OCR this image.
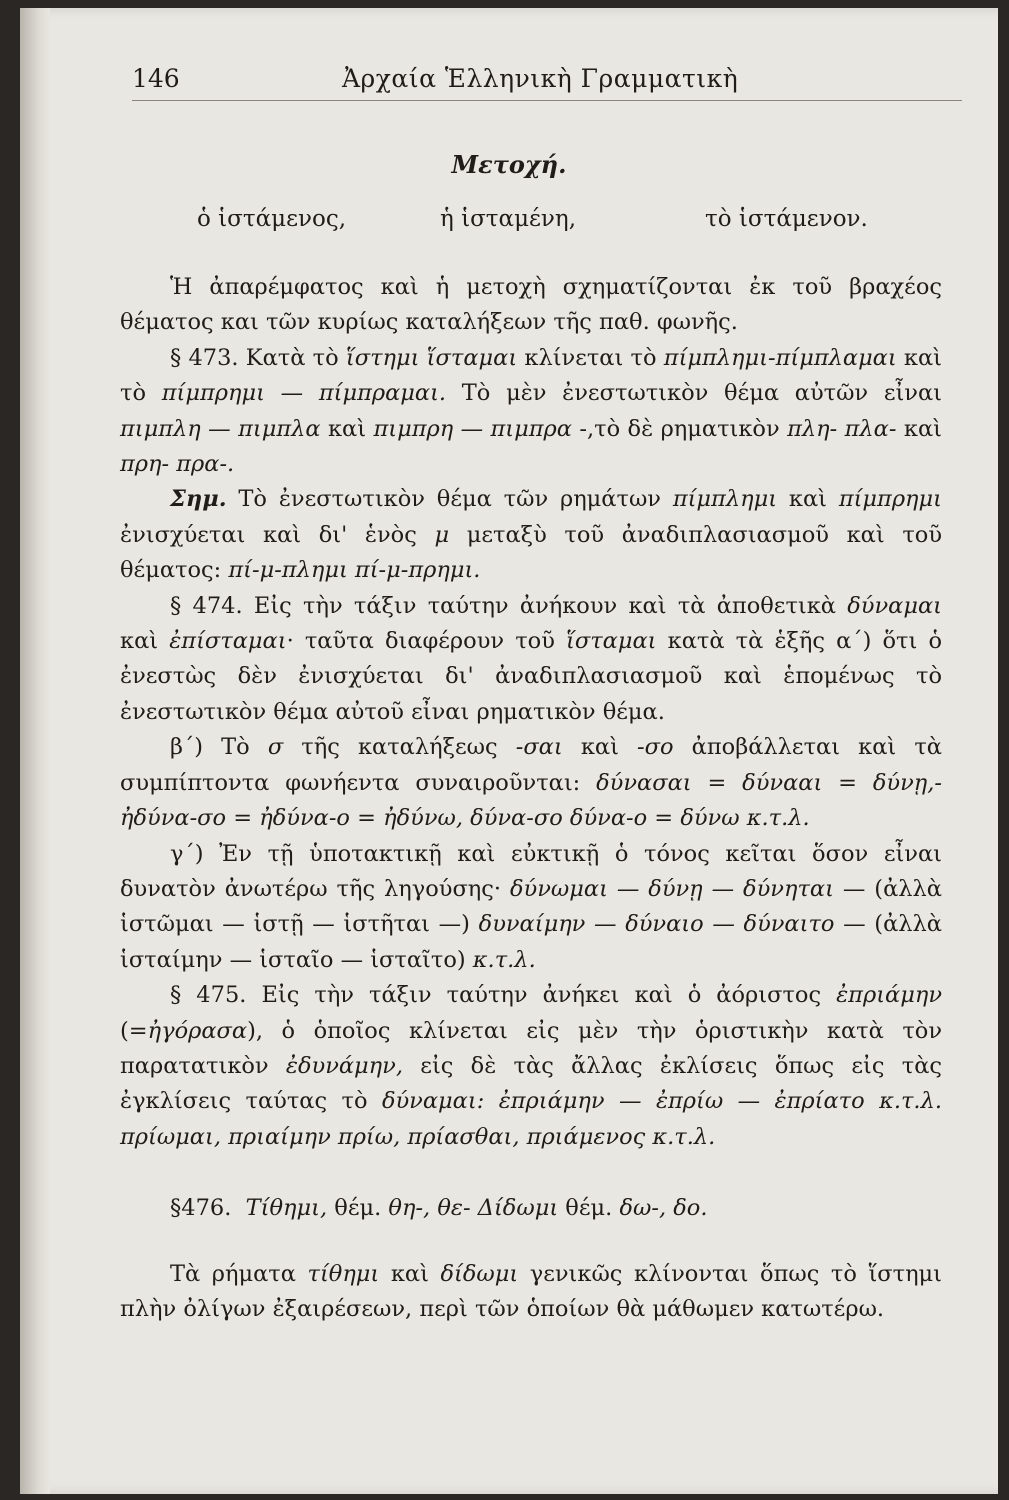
146	Ἀρχαία Ἑλληνικὴ Γραμματικὴ
Μετοχή.
ὁ ἱστάμενος,	ἡ ἱσταμένη,	τὸ ἱστάμενον.

Ἡ ἀπαρέμφατος καὶ ἡ μετοχὴ σχηματίζονται ἐκ τοῦ βραχέος θέματος και τῶν κυρίως καταλήξεων τῆς παθ. φωνῆς.

§ 473. Κατὰ τὸ ἵστημι ἵσταμαι κλίνεται τὸ πίμπλημι-πίμπλαμαι καὶ τὸ πίμπρημι — πίμπραμαι. Τὸ μὲν ἐνεστωτικὸν θέμα αὐτῶν εἶναι πιμπλη — πιμπλα καὶ πιμπρη — πιμπρα -,τὸ δὲ ρηματικὸν πλη- πλα- καὶ πρη- πρα-.

Σημ. Τὸ ἐνεστωτικὸν θέμα τῶν ρημάτων πίμπλημι καὶ πίμπρημι ἐνισχύεται καὶ δι' ἑνὸς μ μεταξὺ τοῦ ἀναδιπλασιασμοῦ καὶ τοῦ θέματος: πί-μ-πλημι πί-μ-πρημι.

§ 474. Εἰς τὴν τάξιν ταύτην ἀνήκουν καὶ τὰ ἀποθετικὰ δύναμαι καὶ ἐπίσταμαι· ταῦτα διαφέρουν τοῦ ἵσταμαι κατὰ τὰ ἑξῆς α΄) ὅτι ὁ ἐνεστὼς δὲν ἐνισχύεται δι' ἀναδιπλασιασμοῦ καὶ ἑπομένως τὸ ἐνεστωτικὸν θέμα αὐτοῦ εἶναι ρηματικὸν θέμα.

β΄) Τὸ σ τῆς καταλήξεως -σαι καὶ -σο ἀποβάλλεται καὶ τὰ συμπίπτοντα φωνήεντα συναιροῦνται: δύνασαι = δύνααι = δύνῃ,- ἠδύνα-σο = ἠδύνα-ο = ἠδύνω, δύνα-σο δύνα-ο = δύνω κ.τ.λ.

γ΄) Ἐν τῇ ὑποτακτικῇ καὶ εὐκτικῇ ὁ τόνος κεῖται ὅσον εἶναι δυνατὸν ἀνωτέρω τῆς ληγούσης· δύνωμαι — δύνῃ — δύνηται — (ἀλλὰ ἱστῶμαι — ἱστῇ — ἱστῆται —) δυναίμην — δύναιο — δύναιτο — (ἀλλὰ ἱσταίμην — ἱσταῖο — ἱσταῖτο) κ.τ.λ.

§ 475. Εἰς τὴν τάξιν ταύτην ἀνήκει καὶ ὁ ἀόριστος ἐπριάμην (=ἠγόρασα), ὁ ὁποῖος κλίνεται εἰς μὲν τὴν ὁριστικὴν κατὰ τὸν παρατατικὸν ἐδυνάμην, εἰς δὲ τὰς ἄλλας ἐκλίσεις ὅπως εἰς τὰς ἐγκλίσεις ταύτας τὸ δύναμαι: ἐπριάμην — ἐπρίω — ἐπρίατο κ.τ.λ. πρίωμαι, πριαίμην πρίω, πρίασθαι, πριάμενος κ.τ.λ.

§476. Τίθημι, θέμ. θη-, θε- Δίδωμι θέμ. δω-, δο.

Τὰ ρήματα τίθημι καὶ δίδωμι γενικῶς κλίνονται ὅπως τὸ ἵστημι πλὴν ὀλίγων ἐξαιρέσεων, περὶ τῶν ὁποίων θὰ μάθωμεν κατωτέρω.
